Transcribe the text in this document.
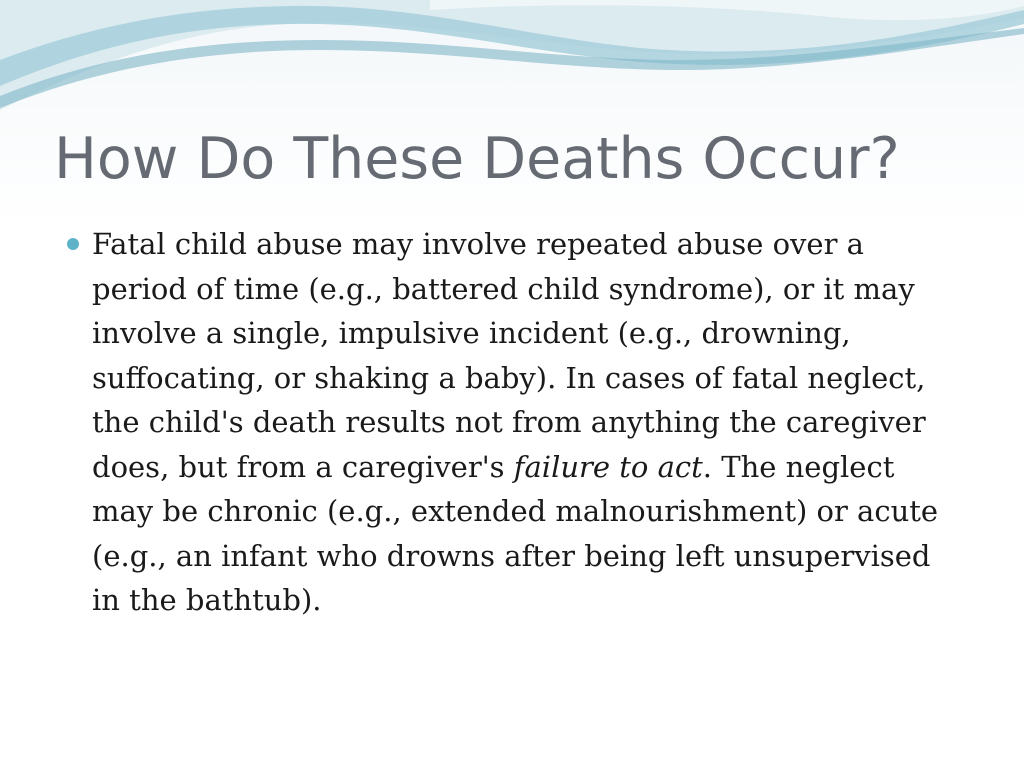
How Do These Deaths Occur?
Fatal child abuse may involve repeated abuse over a period of time (e.g., battered child syndrome), or it may involve a single, impulsive incident (e.g., drowning, suffocating, or shaking a baby). In cases of fatal neglect, the child's death results not from anything the caregiver does, but from a caregiver's failure to act. The neglect may be chronic (e.g., extended malnourishment) or acute (e.g., an infant who drowns after being left unsupervised in the bathtub).
